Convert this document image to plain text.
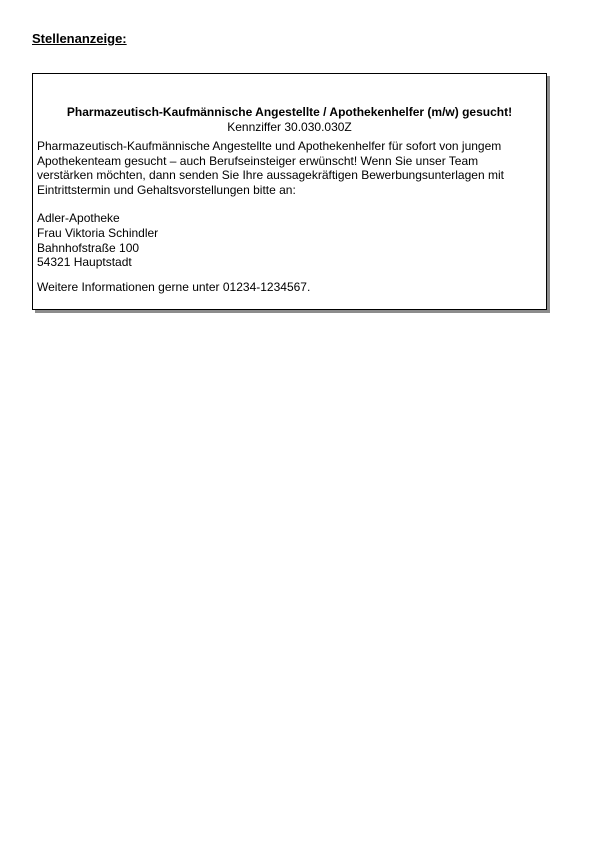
Stellenanzeige:
Pharmazeutisch-Kaufmännische Angestellte / Apothekenhelfer (m/w) gesucht!
Kennziffer 30.030.030Z

Pharmazeutisch-Kaufmännische Angestellte und Apothekenhelfer für sofort von jungem
Apothekenteam gesucht – auch Berufseinsteiger erwünscht! Wenn Sie unser Team
verstärken möchten, dann senden Sie Ihre aussagekräftigen Bewerbungsunterlagen mit
Eintrittstermin und Gehaltsvorstellungen bitte an:

Adler-Apotheke
Frau Viktoria Schindler
Bahnhofstraße 100
54321 Hauptstadt

Weitere Informationen gerne unter 01234-1234567.
